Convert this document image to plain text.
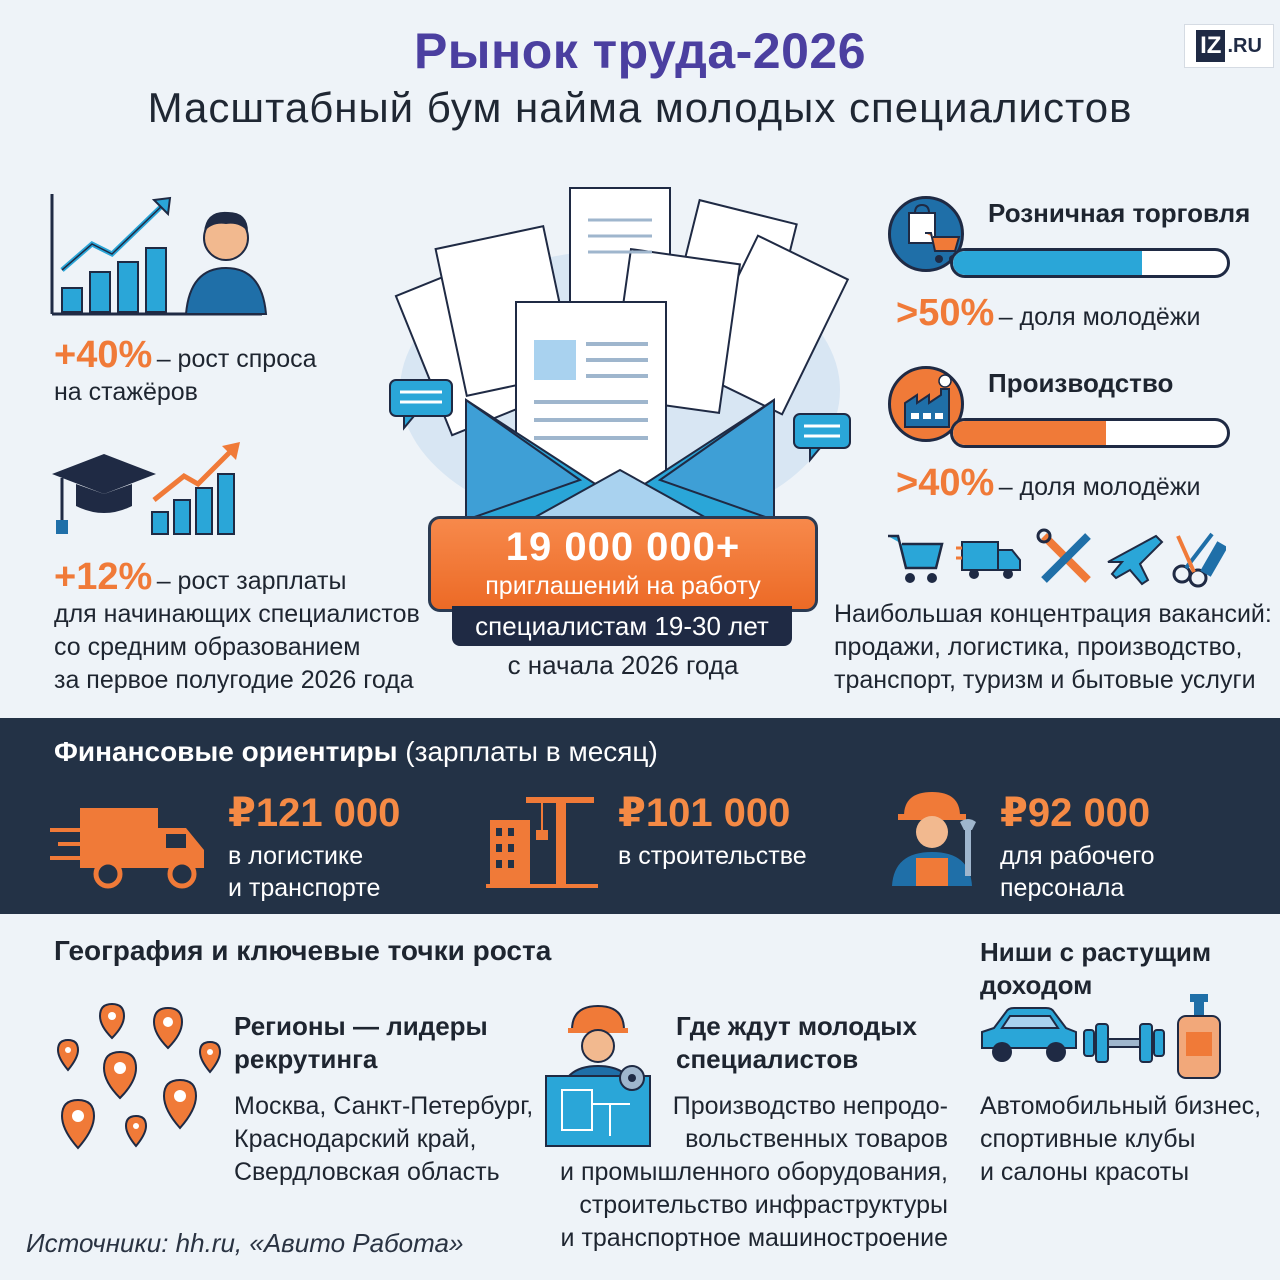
Рынок труда-2026
Масштабный бум найма молодых специалистов
IZ .RU
+40% – рост спроса
на стажёров
+12% – рост зарплаты
для начинающих специалистов
со средним образованием
за первое полугодие 2026 года
19 000 000+
приглашений на работу
специалистам 19-30 лет
с начала 2026 года
Розничная торговля
>50% – доля молодёжи
Производство
>40% – доля молодёжи
Наибольшая концентрация вакансий:
продажи, логистика, производство,
транспорт, туризм и бытовые услуги
Финансовые ориентиры (зарплаты в месяц)
₽121 000
в логистике
и транспорте
₽101 000
в строительстве
₽92 000
для рабочего
персонала
География и ключевые точки роста
Регионы — лидеры
рекрутинга
Москва, Санкт-Петербург,
Краснодарский край,
Свердловская область
Где ждут молодых
специалистов
Производство непродо-
вольственных товаров
и промышленного оборудования,
строительство инфраструктуры
и транспортное машиностроение
Ниши с растущим
доходом
Автомобильный бизнес,
спортивные клубы
и салоны красоты
Источники: hh.ru, «Авито Работа»
